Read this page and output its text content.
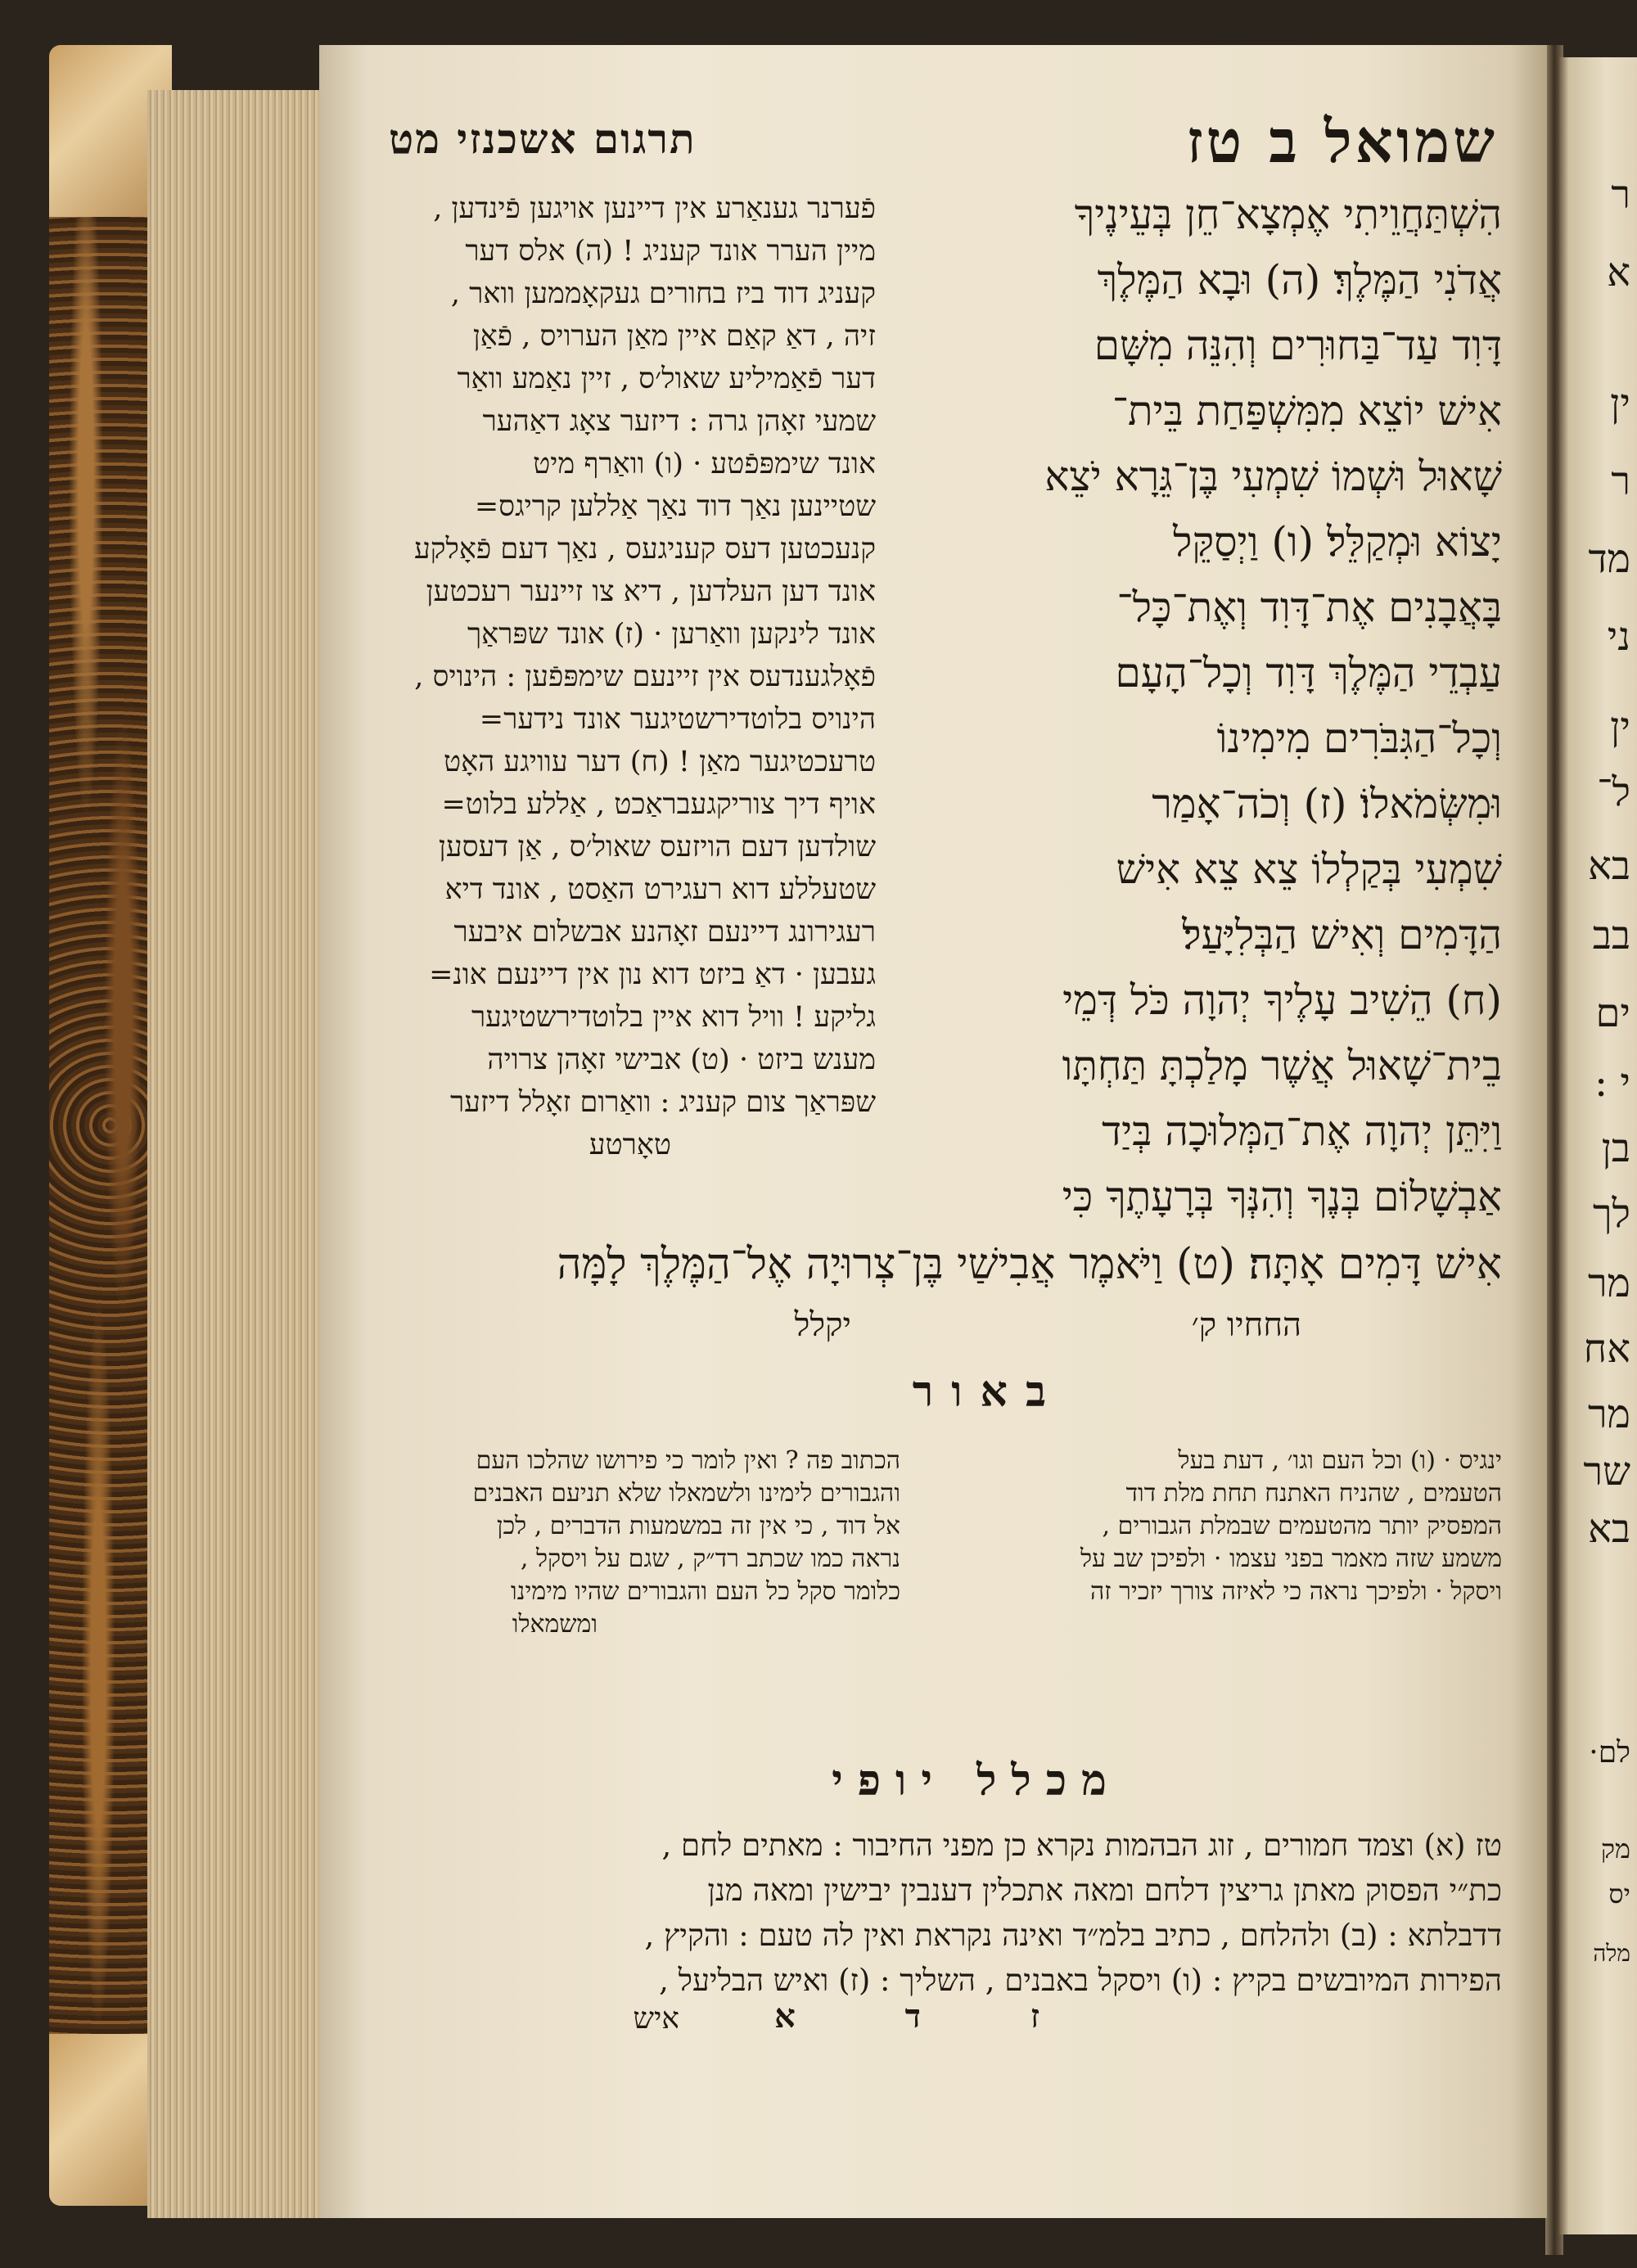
שמואל ב טז
תרגום אשכנזי מט
הִשְׁתַּחֲוֵיתִי אֶמְצָא־חֵן בְּעֵינֶיךָ
אֲדֹנִי הַמֶּלֶךְ׃ (ה) וּבָא הַמֶּלֶךְ
דָּוִד עַד־בַּחוּרִים וְהִנֵּה מִשָּׁם
אִישׁ יוֹצֵא מִמִּשְׁפַּחַת בֵּית־
שָׁאוּל וּשְׁמוֹ שִׁמְעִי בֶּן־גֵּרָא יֹצֵא
יָצוֹא וּמְקַלֵּל׃ (ו) וַיְסַקֵּל
בָּאֲבָנִים אֶת־דָּוִד וְאֶת־כָּל־
עַבְדֵי הַמֶּלֶךְ דָּוִד וְכָל־הָעָם
וְכָל־הַגִּבֹּרִים מִימִינוֹ
וּמִשְּׂמֹאלוֹ׃ (ז) וְכֹה־אָמַר
שִׁמְעִי בְּקַלְלוֹ צֵא צֵא אִישׁ
הַדָּמִים וְאִישׁ הַבְּלִיָּעַל׃
(ח) הֵשִׁיב עָלֶיךָ יְהוָה כֹּל דְּמֵי
בֵית־שָׁאוּל אֲשֶׁר מָלַכְתָּ תַּחְתָּו
וַיִּתֵּן יְהוָה אֶת־הַמְּלוּכָה בְּיַד
אַבְשָׁלוֹם בְּנֶךָ וְהִנְּךָ בְּרָעָתֶךָ כִּי
פֿערנר גענאַרע אין דיינען אויגען פֿינדען ,
מיין הערר אונד קעניג ! (ה) אלס דער
קעניג דוד ביז בחורים געקאָממען וואר ,
זיה , דאַ קאַם איין מאַן הערויס , פֿאַן
דער פֿאַמיליע שאול׳ס , זיין נאַמע וואַר
שמעי זאָהן גרה : דיזער צאָג דאַהער
אונד שימפּפֿטע · (ו) וואַרף מיט
שטיינען נאַך דוד נאַך אַללען קריגס=
קנעכטען דעס קעניגעס , נאַך דעם פֿאָלקע
אונד דען העלדען , דיא צו זיינער רעכטען
אונד לינקען וואַרען · (ז) אונד שפּראַך
פֿאָלגענדעס אין זיינעם שימפּפֿען : הינויס ,
הינויס בלוטדירשטיגער אונד נידער=
טרעכטיגער מאַן ! (ח) דער עוויגע האָט
אויף דיך צוריקגעבראַכט , אַללע בלוט=
שולדען דעם הויזעס שאול׳ס , אַן דעסען
שטעללע דוא רעגירט האַסט , אונד דיא
רעגירונג דיינעם זאָהנע אבשלום איבער
געבען · דאַ ביזט דוא נון אין דיינעם אונ=
גליקע ! וויל דוא איין בלוטדירשטיגער
מענש ביזט · (ט) אבישי זאָהן צרויה
שפּראַך צום קעניג : וואַרום זאָלל דיזער
טאָרטע
אִישׁ דָּמִים אָתָּה׃ (ט) וַיֹּאמֶר אֲבִישַׁי בֶּן־צְרוּיָה אֶל־הַמֶּלֶךְ לָמָּה
החחיו ק׳
יקלל
באור
ינגיס · (ו) וכל העם וגו׳ , דעת בעל
הטעמים , שהניח האתנח תחת מלת דוד
המפסיק יותר מהטעמים שבמלת הגבורים ,
משמע שזה מאמר בפני עצמו · ולפיכן שב על
ויסקל · ולפיכך נראה כי לאיזה צורך יזכיר זה
הכתוב פה ? ואין לומר כי פירושו שהלכו העם
והגבורים לימינו ולשמאלו שלא תניעם האבנים
אל דוד , כי אין זה במשמעות הדברים , לכן
נראה כמו שכתב רד״ק , שגם על ויסקל ,
כלומר סקל כל העם והגבורים שהיו מימינו
ומשמאלו
מכלל יופי
טז (א) וצמד חמורים , זוג הבהמות נקרא כן מפני החיבור : מאתים לחם ,
כת״י הפסוק מאתן גריצין דלחם ומאה אתכלין דענבין יבישין ומאה מנן
דדבלתא : (ב) ולהלחם , כתיב בלמ״ד ואינה נקראת ואין לה טעם : והקיץ ,
הפירות המיובשים בקיץ : (ו) ויסקל באבנים , השליך : (ז) ואיש הבליעל ,
ז ד א
איש
ר
א
ין
ר
מד
ני
ין
ל־
בא
בב
ים
י :
בן
לך
מר
אח
מר
שר
בא
לם·
מק
יס
מלה
